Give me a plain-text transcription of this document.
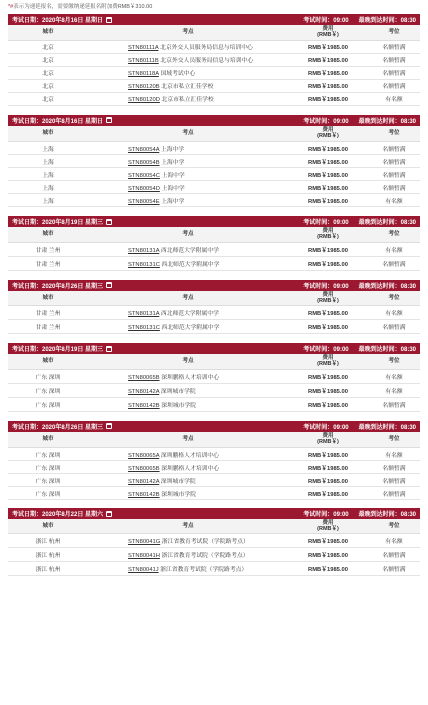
*#表示为递延报名，需要缴纳递延报名附加费RMB￥310.00
考试日期：2020年8月16日 星期日	考试时间：09:00 最晚到达时间：08:30
城市	考点	费用
(RMB￥)	考位
北京	STN80111A 北京外交人员服务局信息与培训中心	RMB￥1985.00	名额暂满
北京	STN80111B 北京外交人员服务局信息与培训中心	RMB￥1985.00	名额暂满
北京	STN80118A 国域考试中心	RMB￥1985.00	名额暂满
北京	STN80120B 北京市私立汇佳学校	RMB￥1985.00	名额暂满
北京	STN80120D 北京市私立汇佳学校	RMB￥1985.00	有名额
考试日期：2020年8月16日 星期日	考试时间：09:00 最晚到达时间：08:30
城市	考点	费用
(RMB￥)	考位
上海	STN80054A 上海中学	RMB￥1985.00	名额暂满
上海	STN80054B 上海中学	RMB￥1985.00	名额暂满
上海	STN80054C 上海中学	RMB￥1985.00	名额暂满
上海	STN80054D 上海中学	RMB￥1985.00	名额暂满
上海	STN80054E 上海中学	RMB￥1985.00	有名额
考试日期：2020年8月19日 星期三	考试时间：09:00 最晚到达时间：08:30
城市	考点	费用
(RMB￥)	考位
甘肃 兰州	STN80131A 西北师范大学附属中学	RMB￥1985.00	有名额
甘肃 兰州	STN80131C 西北师范大学附属中学	RMB￥1985.00	名额暂满
考试日期：2020年8月26日 星期三	考试时间：09:00 最晚到达时间：08:30
城市	考点	费用
(RMB￥)	考位
甘肃 兰州	STN80131A 西北师范大学附属中学	RMB￥1985.00	有名额
甘肃 兰州	STN80131C 西北师范大学附属中学	RMB￥1985.00	名额暂满
考试日期：2020年8月19日 星期三	考试时间：09:00 最晚到达时间：08:30
城市	考点	费用
(RMB￥)	考位
广东 深圳	STN80065B 深圳鹏格人才培训中心	RMB￥1985.00	有名额
广东 深圳	STN80142A 深圳城市学院	RMB￥1985.00	有名额
广东 深圳	STN80142B 深圳城市学院	RMB￥1985.00	名额暂满
考试日期：2020年8月26日 星期三	考试时间：09:00 最晚到达时间：08:30
城市	考点	费用
(RMB￥)	考位
广东 深圳	STN80065A 深圳鹏格人才培训中心	RMB￥1985.00	有名额
广东 深圳	STN80065B 深圳鹏格人才培训中心	RMB￥1985.00	名额暂满
广东 深圳	STN80142A 深圳城市学院	RMB￥1985.00	名额暂满
广东 深圳	STN80142B 深圳城市学院	RMB￥1985.00	名额暂满
考试日期：2020年8月22日 星期六	考试时间：09:00 最晚到达时间：08:30
城市	考点	费用
(RMB￥)	考位
浙江 杭州	STN80041G 浙江省教育考试院（学院路考点）	RMB￥1985.00	有名额
浙江 杭州	STN80041H 浙江省教育考试院（学院路考点）	RMB￥1985.00	名额暂满
浙江 杭州	STN80041J 浙江省教育考试院（学院路考点）	RMB￥1985.00	名额暂满
